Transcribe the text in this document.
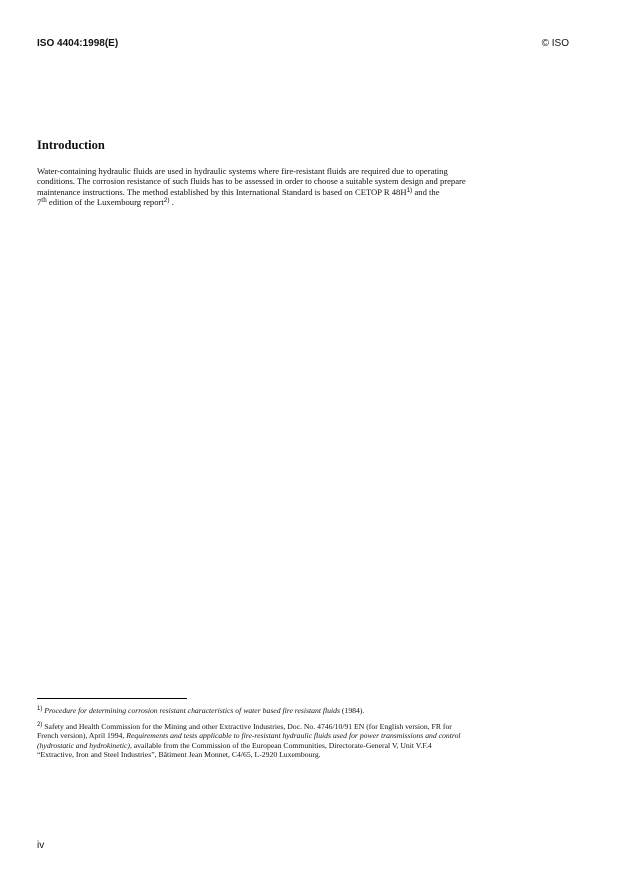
ISO 4404:1998(E)	© ISO
Introduction
Water-containing hydraulic fluids are used in hydraulic systems where fire-resistant fluids are required due to operating
conditions. The corrosion resistance of such fluids has to be assessed in order to choose a suitable system design and prepare
maintenance instructions. The method established by this International Standard is based on CETOP R $48H^{1)}$ and the
7th edition of the Luxembourg report$^{2)}$ .
$^{1)}$ Procedure for determining corrosion resistant characteristics of water based fire resistant fluids (1984).
$^{2)}$ Safety and Health Commission for the Mining and other Extractive Industries, Doc. No. 4746/10/91 EN (for English version, FR for
French version), April 1994, Requirements and tests applicable to fire-resistant hydraulic fluids used for power transmissions and control
(hydrostatic and hydrokinetic), available from the Commission of the European Communities, Directorate-General V, Unit V.F.4
“Extractive, Iron and Steel Industries”, Bâtiment Jean Monnet, C4/65, L-2920 Luxembourg.
iv
